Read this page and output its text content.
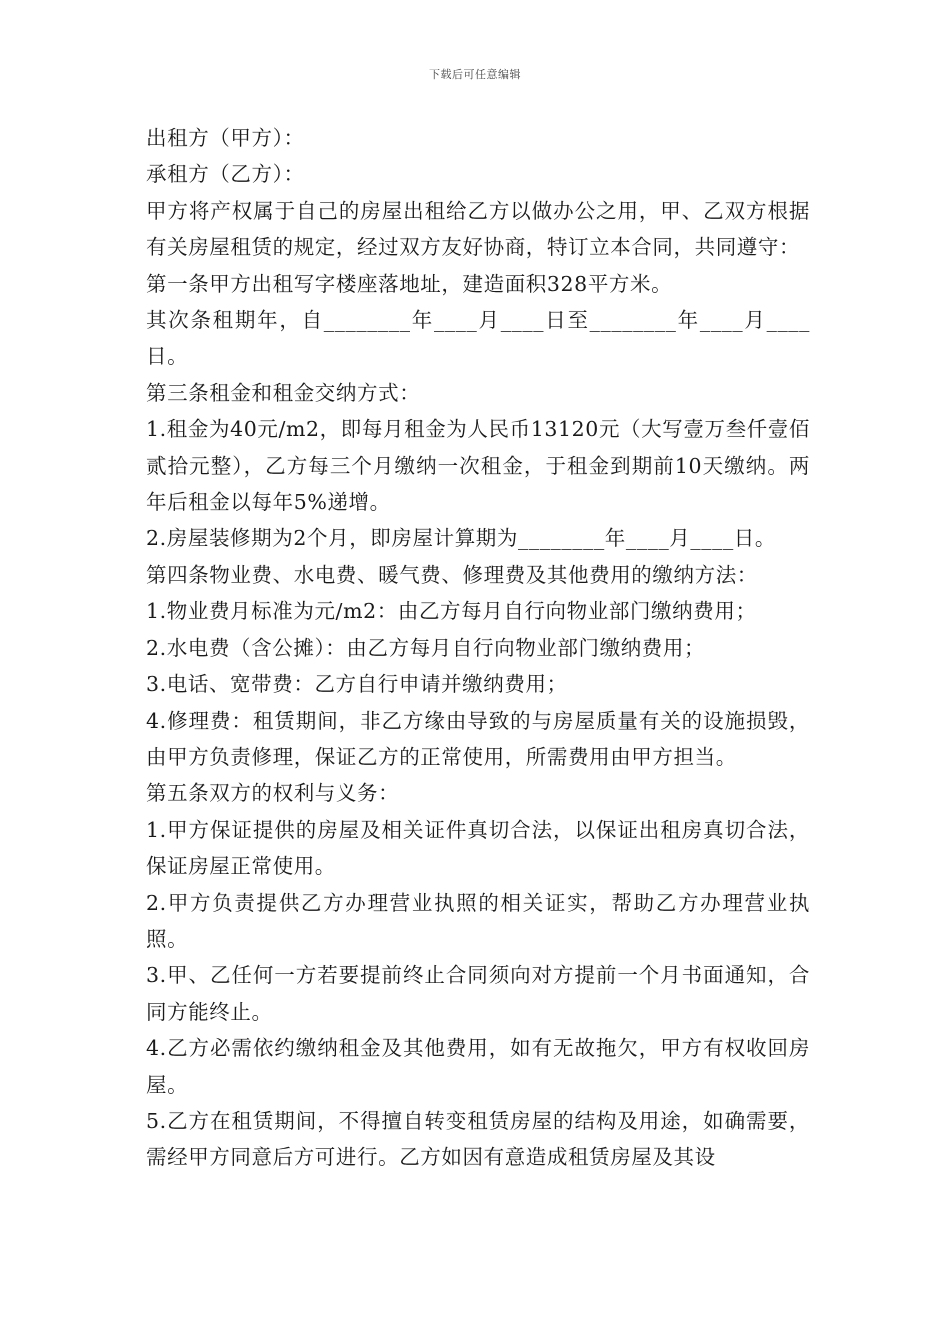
下载后可任意编辑

出租方（甲方）：

承租方（乙方）：

甲方将产权属于自己的房屋出租给乙方以做办公之用，甲、乙双方根据有关房屋租赁的规定，经过双方友好协商，特订立本合同，共同遵守：

第一条甲方出租写字楼座落地址，建造面积328平方米。

其次条租期年，自________年____月____日至________年____月____日。

第三条租金和租金交纳方式：

1.租金为40元/m2，即每月租金为人民币13120元（大写壹万叁仟壹佰贰拾元整），乙方每三个月缴纳一次租金，于租金到期前10天缴纳。两年后租金以每年5%递增。

2.房屋装修期为2个月，即房屋计算期为________年____月____日。

第四条物业费、水电费、暖气费、修理费及其他费用的缴纳方法：

1.物业费月标准为元/m2：由乙方每月自行向物业部门缴纳费用；

2.水电费（含公摊）：由乙方每月自行向物业部门缴纳费用；

3.电话、宽带费：乙方自行申请并缴纳费用；

4.修理费：租赁期间，非乙方缘由导致的与房屋质量有关的设施损毁，由甲方负责修理，保证乙方的正常使用，所需费用由甲方担当。

第五条双方的权利与义务：

1.甲方保证提供的房屋及相关证件真切合法，以保证出租房真切合法，保证房屋正常使用。

2.甲方负责提供乙方办理营业执照的相关证实，帮助乙方办理营业执照。

3.甲、乙任何一方若要提前终止合同须向对方提前一个月书面通知，合同方能终止。

4.乙方必需依约缴纳租金及其他费用，如有无故拖欠，甲方有权收回房屋。

5.乙方在租赁期间，不得擅自转变租赁房屋的结构及用途，如确需要，需经甲方同意后方可进行。乙方如因有意造成租赁房屋及其设
